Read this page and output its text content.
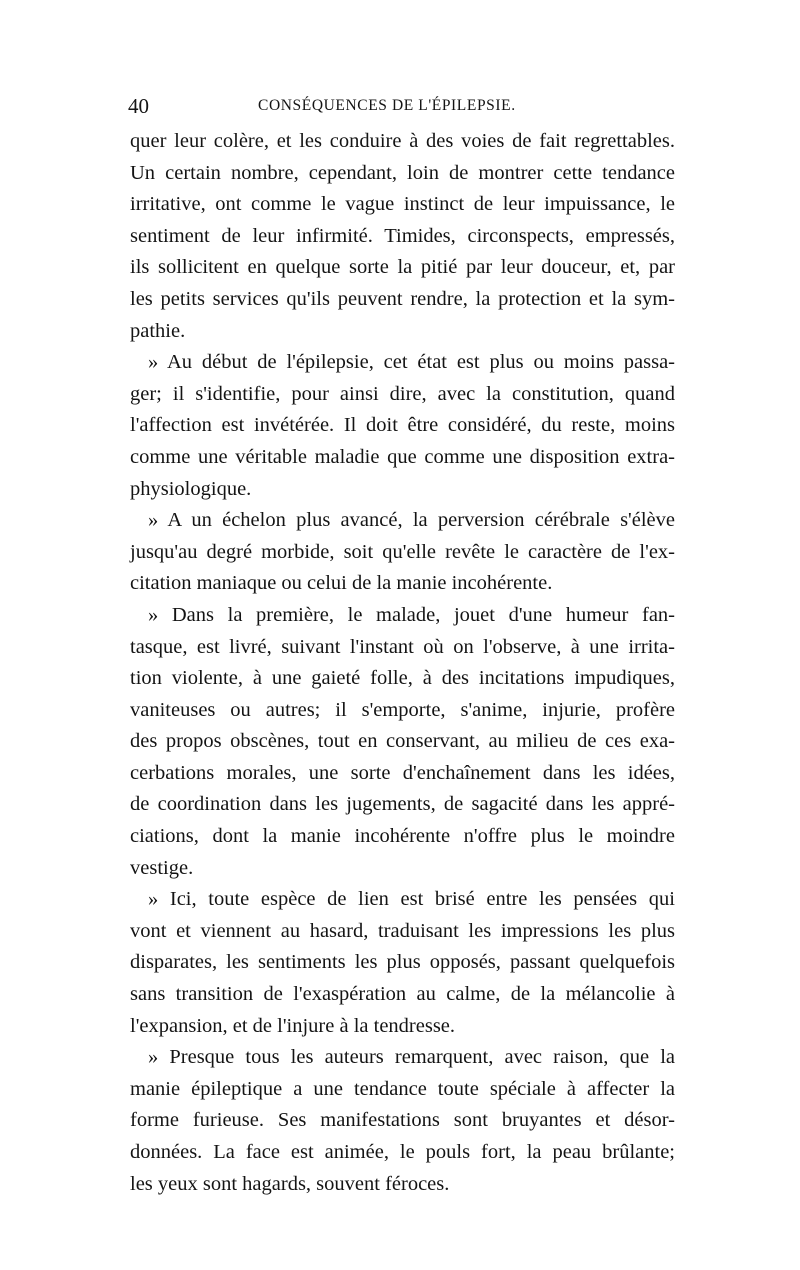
40	CONSÉQUENCES DE L'ÉPILEPSIE.
quer leur colère, et les conduire à des voies de fait regrettables.
Un certain nombre, cependant, loin de montrer cette tendance
irritative, ont comme le vague instinct de leur impuissance, le
sentiment de leur infirmité. Timides, circonspects, empressés,
ils sollicitent en quelque sorte la pitié par leur douceur, et, par
les petits services qu'ils peuvent rendre, la protection et la sym-
pathie.
» Au début de l'épilepsie, cet état est plus ou moins passa-
ger; il s'identifie, pour ainsi dire, avec la constitution, quand
l'affection est invétérée. Il doit être considéré, du reste, moins
comme une véritable maladie que comme une disposition extra-
physiologique.
» A un échelon plus avancé, la perversion cérébrale s'élève
jusqu'au degré morbide, soit qu'elle revête le caractère de l'ex-
citation maniaque ou celui de la manie incohérente.
» Dans la première, le malade, jouet d'une humeur fan-
tasque, est livré, suivant l'instant où on l'observe, à une irrita-
tion violente, à une gaieté folle, à des incitations impudiques,
vaniteuses ou autres; il s'emporte, s'anime, injurie, profère
des propos obscènes, tout en conservant, au milieu de ces exa-
cerbations morales, une sorte d'enchaînement dans les idées,
de coordination dans les jugements, de sagacité dans les appré-
ciations, dont la manie incohérente n'offre plus le moindre
vestige.
» Ici, toute espèce de lien est brisé entre les pensées qui
vont et viennent au hasard, traduisant les impressions les plus
disparates, les sentiments les plus opposés, passant quelquefois
sans transition de l'exaspération au calme, de la mélancolie à
l'expansion, et de l'injure à la tendresse.
» Presque tous les auteurs remarquent, avec raison, que la
manie épileptique a une tendance toute spéciale à affecter la
forme furieuse. Ses manifestations sont bruyantes et désor-
données. La face est animée, le pouls fort, la peau brûlante;
les yeux sont hagards, souvent féroces.
